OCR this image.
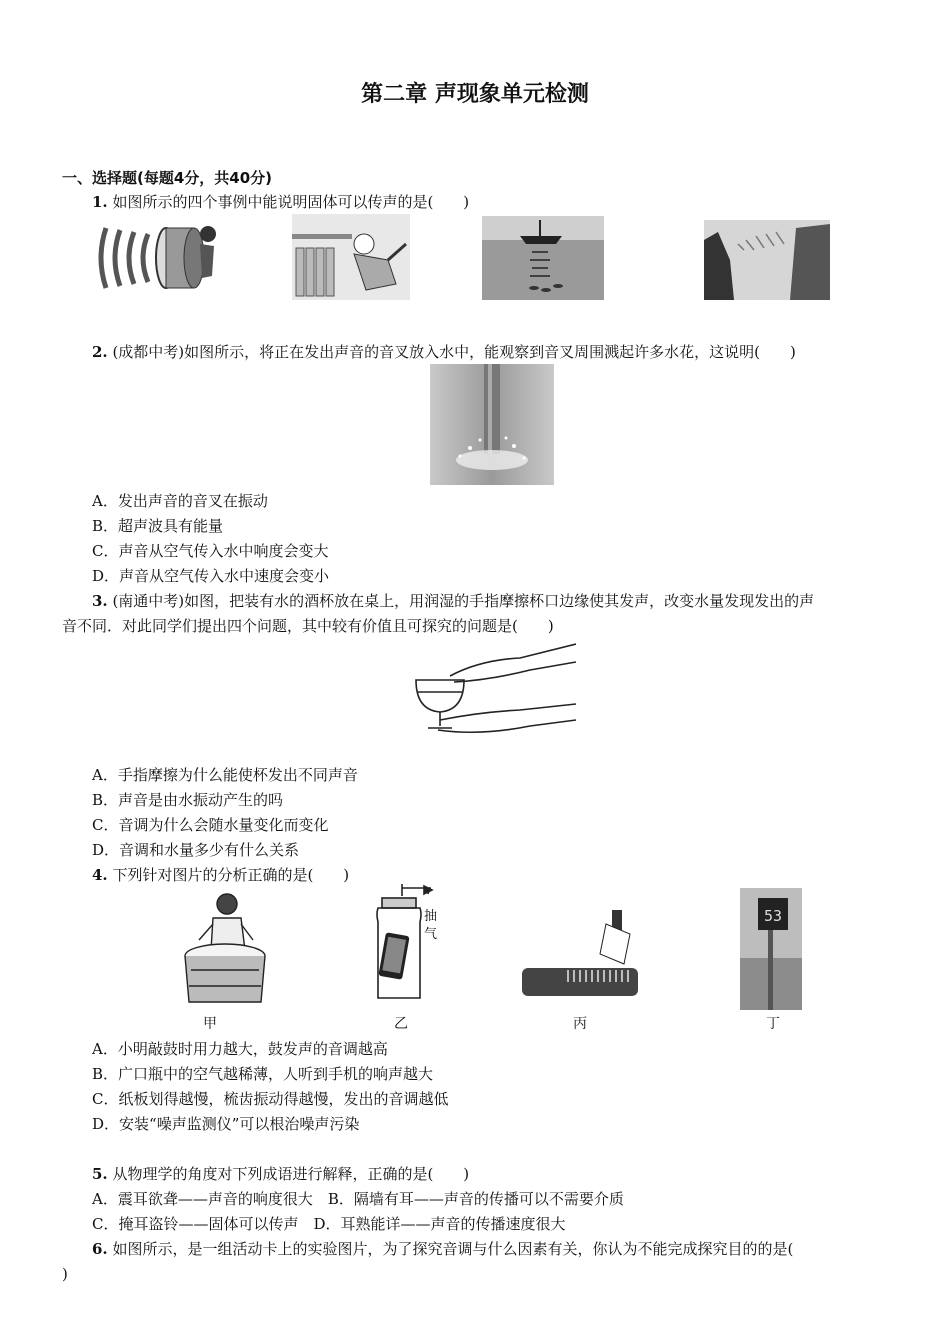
第二章 声现象单元检测
一、选择题(每题4分，共40分)
1. 如图所示的四个事例中能说明固体可以传声的是(　　)
2. (成都中考)如图所示，将正在发出声音的音叉放入水中，能观察到音叉周围溅起许多水花，这说明(　　)
A．发出声音的音叉在振动
B．超声波具有能量
C．声音从空气传入水中响度会变大
D．声音从空气传入水中速度会变小
3. (南通中考)如图，把装有水的酒杯放在桌上，用润湿的手指摩擦杯口边缘使其发声，改变水量发现发出的声
音不同．对此同学们提出四个问题，其中较有价值且可探究的问题是(　　)
A．手指摩擦为什么能使杯发出不同声音
B．声音是由水振动产生的吗
C．音调为什么会随水量变化而变化
D．音调和水量多少有什么关系
4. 下列针对图片的分析正确的是(　　)
抽
气
53
甲	乙	丙	丁
A．小明敲鼓时用力越大，鼓发声的音调越高
B．广口瓶中的空气越稀薄，人听到手机的响声越大
C．纸板划得越慢，梳齿振动得越慢，发出的音调越低
D．安装“噪声监测仪”可以根治噪声污染
5. 从物理学的角度对下列成语进行解释，正确的是(　　)
A．震耳欲聋——声音的响度很大　B．隔墙有耳——声音的传播可以不需要介质
C．掩耳盗铃——固体可以传声　D．耳熟能详——声音的传播速度很大
6. 如图所示，是一组活动卡上的实验图片，为了探究音调与什么因素有关，你认为不能完成探究目的的是(
)
